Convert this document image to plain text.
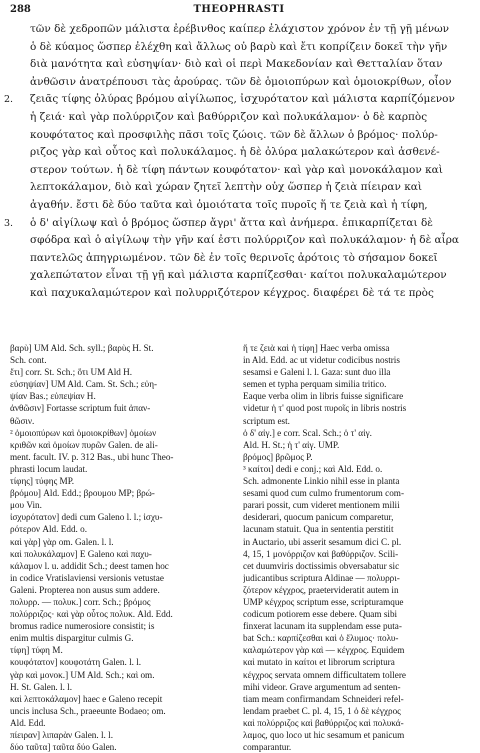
288	THEOPHRASTI
τῶν δὲ χεδροπῶν μάλιστα ἐρέβινθος καίπερ ἐλάχιστον χρόνον ἐν τῇ γῇ μένων
ὁ δὲ κύαμος ὥσπερ ἐλέχθη καὶ ἄλλως οὐ βαρὺ καὶ ἔτι κοπρίζειν δοκεῖ τὴν γῆν
διὰ μανότητα καὶ εὐσηψίαν· διὸ καὶ οἱ περὶ Μακεδονίαν καὶ Θετταλίαν ὅταν
ἀνθῶσιν ἀνατρέπουσι τὰς ἀρούρας. τῶν δὲ ὁμοιοπύρων καὶ ὁμοιοκρίθων, οἷον
2. ζειᾶς τίφης ὀλύρας βρόμου αἰγίλωπος, ἰσχυρότατον καὶ μάλιστα καρπίζόμενον
ἡ ζειά· καὶ γὰρ πολύρριζον καὶ βαθύρριζον καὶ πολυκάλαμον· ὁ δὲ καρπὸς
κουφότατος καὶ προσφιλὴς πᾶσι τοῖς ζώοις. τῶν δὲ ἄλλων ὁ βρόμος· πολύρ-
ριζος γὰρ καὶ οὗτος καὶ πολυκάλαμος. ἡ δὲ ὀλύρα μαλακώτερον καὶ ἀσθενέ-
στερον τούτων. ἡ δὲ τίφη πάντων κουφότατον· καὶ γὰρ καὶ μονοκάλαμον καὶ
λεπτοκάλαμον, διὸ καὶ χώραν ζητεῖ λεπτὴν οὐχ ὥσπερ ἡ ζειὰ πίειραν καὶ
ἀγαθήν. ἔστι δὲ δύο ταῦτα καὶ ὁμοιότατα τοῖς πυροῖς ἥ τε ζειὰ καὶ ἡ τίφη,
3. ὁ δ' αἰγίλωψ καὶ ὁ βρόμος ὥσπερ ἄγρι' ἄττα καὶ ἀνήμερα. ἐπικαρπίζεται δὲ
σφόδρα καὶ ὁ αἰγίλωψ τὴν γῆν καί ἐστι πολύρριζον καὶ πολυκάλαμον· ἡ δὲ αἶρα
παντελῶς ἀπηγριωμένον. τῶν δὲ ἐν τοῖς θερινοῖς ἀρότοις τὸ σήσαμον δοκεῖ
χαλεπώτατον εἶναι τῇ γῇ καὶ μάλιστα καρπίζεσθαι· καίτοι πολυκαλαμώτερον
καὶ παχυκαλαμώτερον καὶ πολυρριζότερον κέγχρος. διαφέρει δὲ τά τε πρὸς
βαρὺ] UM Ald. Sch. syll.; βαρὺς H. St.
Sch. cont.
ἔτι] corr. St. Sch.; ὅτι UM Ald H.
εὐσηψίαν] UM Ald. Cam. St. Sch.; εὐη-
ψίαν Bas.; εὐπεψίαν H.
ἀνθῶσιν] Fortasse scriptum fuit ἀπαν-
θῶσιν.
² ὁμοιοπύρων καὶ ὁμοιοκρίθων] ὁμοίων
κριθῶν καὶ ὁμοίων πυρῶν Galen. de ali-
ment. facult. IV. p. 312 Bas., ubi hunc Theo-
phrasti locum laudat.
τίφης] τύφης MP.
βρόμου] Ald. Edd.; βρουμου MP; βρώ-
μου Vin.
ἰσχυρότατον] dedi cum Galeno l. l.; ἰσχυ-
ρότερον Ald. Edd. o.
καὶ γὰρ] γὰρ om. Galen. l. l.
καὶ πολυκάλαμον] E Galeno καὶ παχυ-
κάλαμον l. u. addidit Sch.; deest tamen hoc
in codice Vratislaviensi versionis vetustae
Galeni. Propterea non ausus sum addere.
πολυρρ. — πολυκ.] corr. Sch.; βρόμος
πολύρριζος· καὶ γὰρ οὗτος πολυκ. Ald. Edd.
bromus radice numerosiore consistit; is
enim multis dispargitur culmis G.
τίφη] τύφη M.
κουφότατον] κουφοτάτη Galen. l. l.
γὰρ καὶ μονοκ.] UM Ald. Sch.; καὶ om.
H. St. Galen. l. l.
καὶ λεπτοκάλαμον] haec e Galeno recepit
uncis inclusa Sch., praeeunte Bodaeo; om.
Ald. Edd.
πίειραν] λιπαρὰν Galen. l. l.
δύο ταῦτα] ταῦτα δύο Galen.
ἥ τε ζειὰ καὶ ἡ τίφη] Haec verba omissa
in Ald. Edd. ac ut videtur codicibus nostris
sesamsi e Galeni l. l. Gaza: sunt duo illa
semen et typha perquam similia tritico.
Eaque verba olim in libris fuisse significare
videtur ἡ τ' quod post πυροῖς in libris nostris
scriptum est.
ὁ δ' αἰγ.] e corr. Scal. Sch.; ὁ τ' αἰγ.
Ald. H. St.; ἡ τ' αἰγ. UMP.
βρόμος] βρῶμος P.
³ καίτοι] dedi e conj.; καὶ Ald. Edd. o.
Sch. admonente Linkio nihil esse in planta
sesami quod cum culmo frumentorum com-
parari possit, cum videret mentionem milii
desiderari, quocum panicum comparetur,
lacunam statuit. Qua in sententia perstitit
in Auctario, ubi asserit sesamum dici C. pl.
4, 15, 1 μονόρριζον καὶ βαθύρριζον. Scili-
cet duumviris doctissimis obversabatur sic
judicantibus scriptura Aldinae — πολυρρι-
ζότερον κέγχρος, praetervideratit autem in
UMP κέγχρος scriptum esse, scripturamque
codicum potiorem esse debere. Quam sibi
finxerat lacunam ita supplendam esse puta-
bat Sch.: καρπίζεσθαι καὶ ὁ ἔλυμος· πολυ-
καλαμώτερον γὰρ καὶ — κέγχρος. Equidem
καὶ mutato in καίτοι et librorum scriptura
κέγχρος servata omnem difficultatem tollere
mihi videor. Grave argumentum ad senten-
tiam meam confirmandam Schneideri refel-
lendam praebet C. pl. 4, 15, 1 ὁ δὲ κέγχρος
καὶ πολύρριζος καὶ βαθύρριζος καὶ πολυκά-
λαμος, quo loco ut hic sesamum et panicum
comparantur.
